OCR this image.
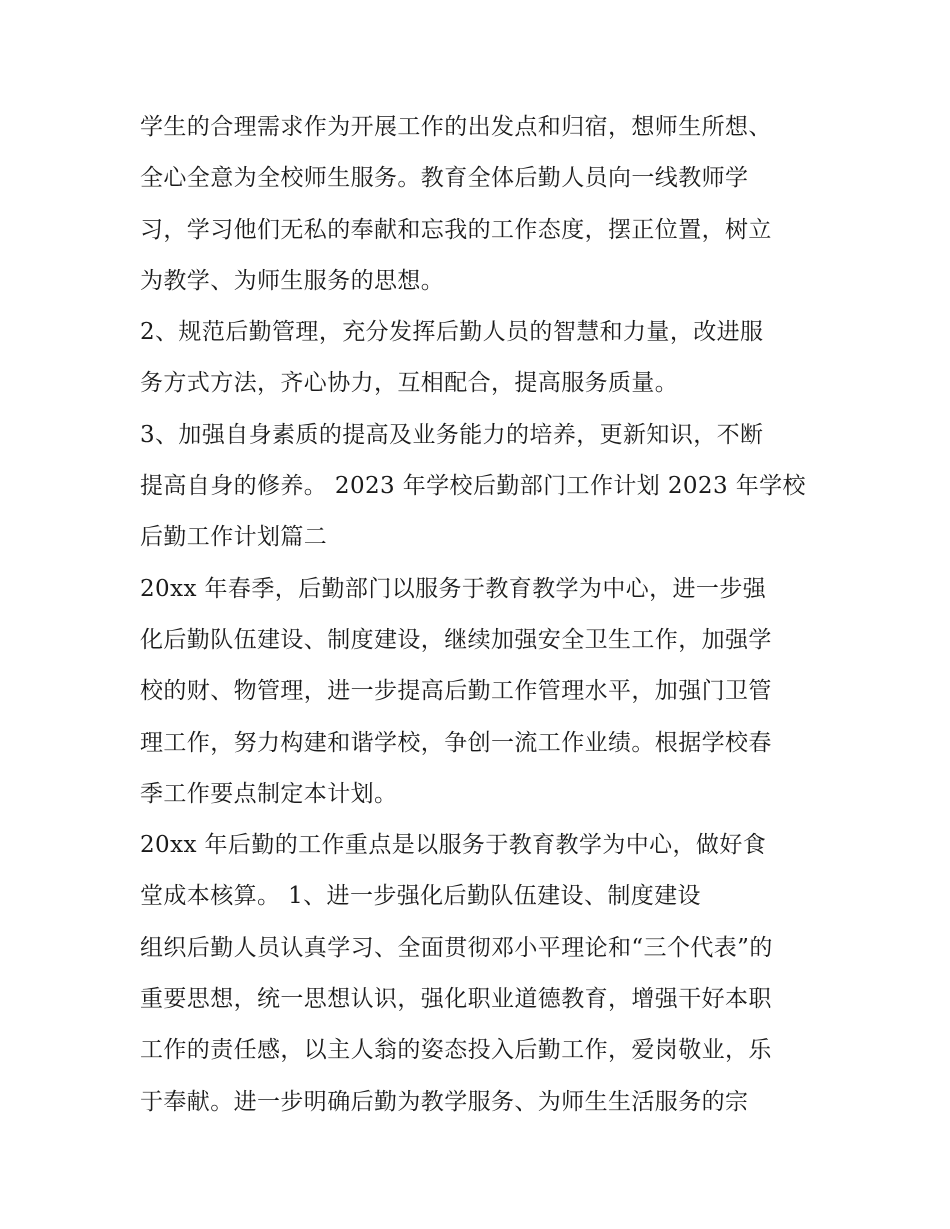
学生的合理需求作为开展工作的出发点和归宿，想师生所想、
全心全意为全校师生服务。教育全体后勤人员向一线教师学
习，学习他们无私的奉献和忘我的工作态度，摆正位置，树立
为教学、为师生服务的思想。
2、规范后勤管理，充分发挥后勤人员的智慧和力量，改进服
务方式方法，齐心协力，互相配合，提高服务质量。
3、加强自身素质的提高及业务能力的培养，更新知识，不断
提高自身的修养。 2023 年学校后勤部门工作计划 2023 年学校
后勤工作计划篇二
20xx 年春季，后勤部门以服务于教育教学为中心，进一步强
化后勤队伍建设、制度建设，继续加强安全卫生工作，加强学
校的财、物管理，进一步提高后勤工作管理水平，加强门卫管
理工作，努力构建和谐学校，争创一流工作业绩。根据学校春
季工作要点制定本计划。
20xx 年后勤的工作重点是以服务于教育教学为中心，做好食
堂成本核算。 1、进一步强化后勤队伍建设、制度建设
组织后勤人员认真学习、全面贯彻邓小平理论和“三个代表”的
重要思想，统一思想认识，强化职业道德教育，增强干好本职
工作的责任感，以主人翁的姿态投入后勤工作，爱岗敬业，乐
于奉献。进一步明确后勤为教学服务、为师生生活服务的宗
